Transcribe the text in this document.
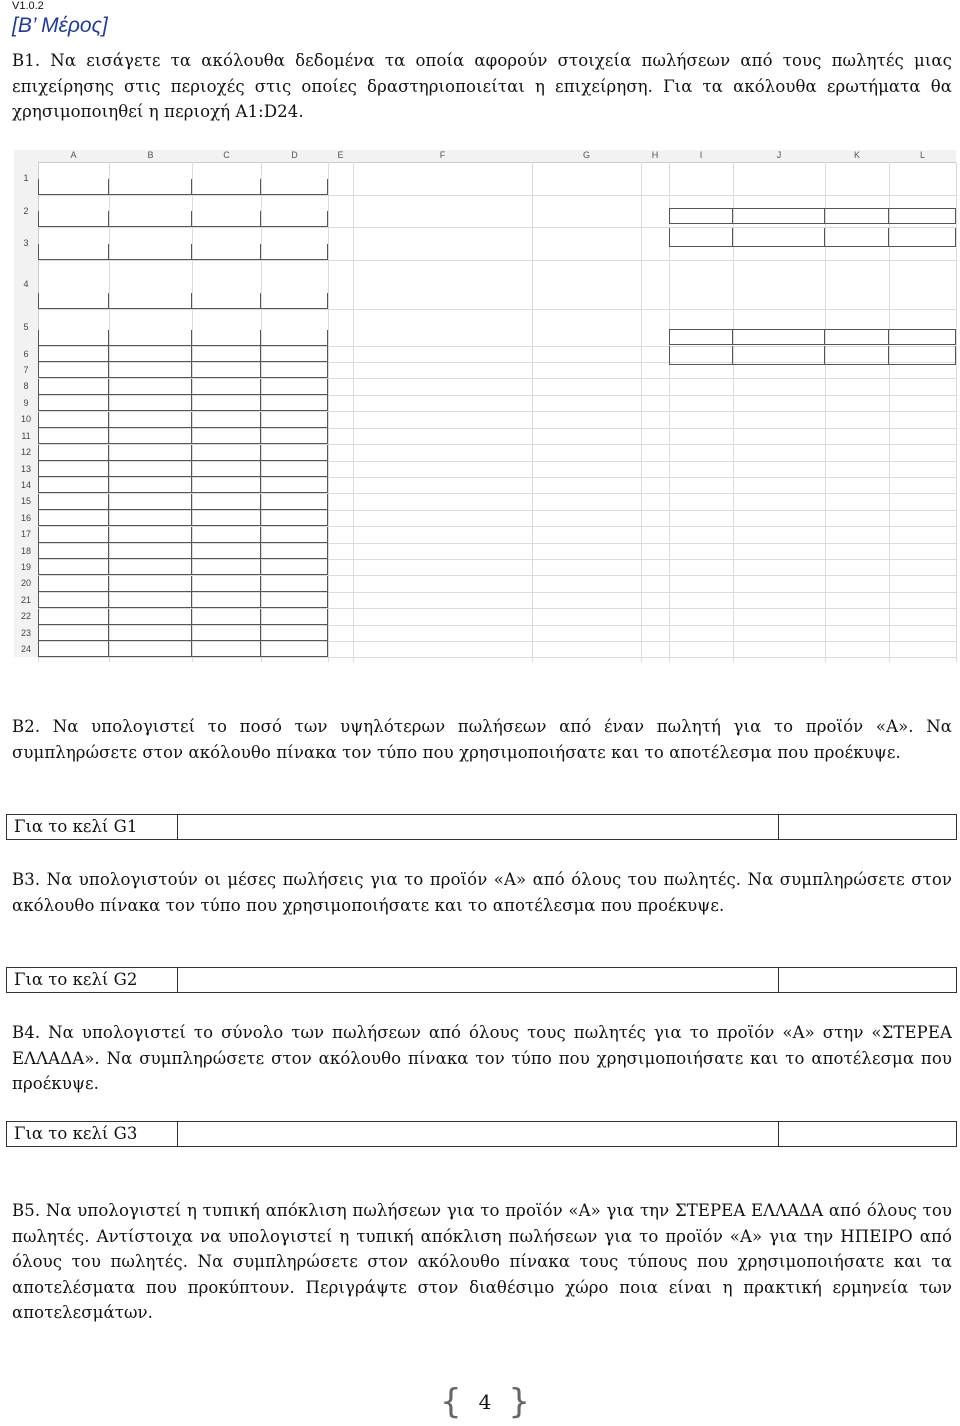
V1.0.2
[Β’ Μέρος]
Β1. Να εισάγετε τα ακόλουθα δεδομένα τα οποία αφορούν στοιχεία πωλήσεων από τους πωλητές μιας επιχείρησης στις περιοχές στις οποίες δραστηριοποιείται η επιχείρηση. Για τα ακόλουθα ερωτήματα θα χρησιμοποιηθεί η περιοχή A1:D24.
A	B	C	D	E	F	G	H	I	J	K	L
1
2
3
4
5
6
7
8
9
10
11
12
13
14
15
16
17
18
19
20
21
22
23
24
Β2. Να υπολογιστεί το ποσό των υψηλότερων πωλήσεων από έναν πωλητή για το προϊόν «Α». Να συμπληρώσετε στον ακόλουθο πίνακα τον τύπο που χρησιμοποιήσατε και το αποτέλεσμα που προέκυψε.
Για το κελί G1
Β3. Να υπολογιστούν οι μέσες πωλήσεις για το προϊόν «Α» από όλους του πωλητές. Να συμπληρώσετε στον ακόλουθο πίνακα τον τύπο που χρησιμοποιήσατε και το αποτέλεσμα που προέκυψε.
Για το κελί G2
Β4. Να υπολογιστεί το σύνολο των πωλήσεων από όλους τους πωλητές για το προϊόν «Α» στην «ΣΤΕΡΕΑ ΕΛΛΑΔΑ». Να συμπληρώσετε στον ακόλουθο πίνακα τον τύπο που χρησιμοποιήσατε και το αποτέλεσμα που προέκυψε.
Για το κελί G3
Β5. Να υπολογιστεί η τυπική απόκλιση πωλήσεων για το προϊόν «Α» για την ΣΤΕΡΕΑ ΕΛΛΑΔΑ από όλους του πωλητές. Αντίστοιχα να υπολογιστεί η τυπική απόκλιση πωλήσεων για το προϊόν «Α» για την ΗΠΕΙΡΟ από όλους του πωλητές. Να συμπληρώσετε στον ακόλουθο πίνακα τους τύπους που χρησιμοποιήσατε και τα αποτελέσματα που προκύπτουν. Περιγράψτε στον διαθέσιμο χώρο ποια είναι η πρακτική ερμηνεία των αποτελεσμάτων.
{ 4 }
